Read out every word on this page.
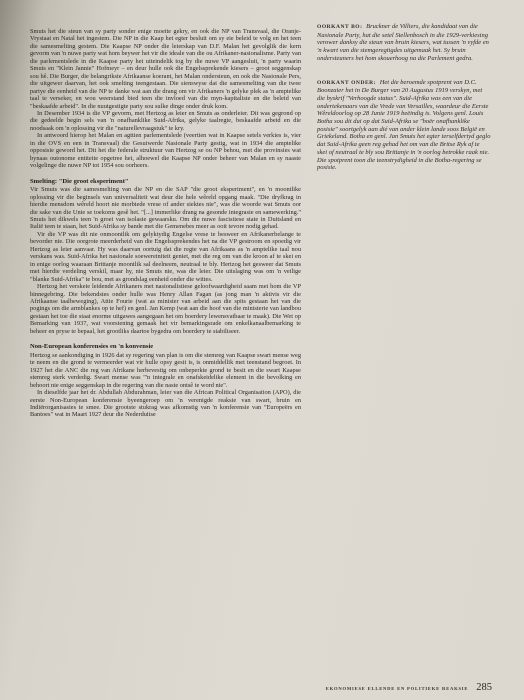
Smuts het die steun van sy party sonder enige moeite gekry, en ook die NP van Transvaal, die Oranje-Vrystaat en Natal het ingestem. Die NP in die Kaap het egter besluit om sy eie beleid te volg en het teen die samesmelting gestem. Die Kaapse NP onder die leierskap van D.F. Malan het gevolglik die kern gevorm van 'n nuwe party wat hom beywer het vir die ideale van die ou Afrikaner-nasionalisme. Party van die parlementslede in die Kaapse party het uiteindelik tog by die nuwe VP aangesluit, 'n party waarin Smuts en "Klein Jannie" Hofmeyr – en deur hulle ook die Engelssprekende kiesers – groot seggenskap sou hê. Die Burger, die belangrikste Afrikaanse koerant, het Malan ondersteun, en ook die Nasionale Pers, die uitgewer daarvan, het ook smelting teengestaan. Die sienswyse dat die samesmelting van die twee partye die eenheid van die NP te danke wat aan die drang om vir Afrikaners 'n gelyke plek as 'n amptelike taal te verseker, en wou weerstand bied teen die invloed van die myn-kapitaliste en die beleid van "beskaafde arbeid". In die nuutgestigte party sou sulke dinge onder druk kom.

In Desember 1934 is die VP gevorm, met Hertzog as leier en Smuts as onderleier. Dit was gegrond op die gedeelde begin sels van 'n onafhanklike Suid-Afrika, gelyke taalregte, beskaafde arbeid en die noodsaak om 'n oplossing vir die "naturellevraagstuk" te kry.

In antwoord hierop het Malan en agttien parlementslede (veertien wat in Kaapse setels verkies is, vier in die OVS en een in Transvaal) die Gesuiwerde Nasionale Party gestig, wat in 1934 die amptelike opposisie geword het. Dit het die federale struktuur van Hertzog se ou NP behou, met die provinsies wat bynaas outonome entiteite opgetree het, alhoewel die Kaapse NP onder beheer van Malan en sy naaste volgelinge die nuwe NP tot 1954 sou oorheers.

Smelting: "Die groot eksperiment"

Vir Smuts was die samesmelting van die NP en die SAP "die groot eksperiment", en 'n moontlike oplossing vir die beginsels van universaliteit wat deur die hele wêreld opgang maak. "Die dryfkrag in hierdie mensdom wêreld hoort nie morbiede vrese of ander siektes nie", was die woorde wat Smuts oor die sake van die Unie se toekoms gesê het. "[...] immerlike drang na gesonde integrasie en samewerking." Smuts het dikwels teen 'n groei van isolasie gewaarsku. Om die nuwe fascistiese state in Duitsland en Italië teen te staan, het Suid-Afrika sy bande met die Gemenebes meer as ooit tevore nodig gehad.

Vir die VP was dit nie onmoontlik om gelyktydig Engelse vrese te besweer en Afrikanerbelange te bevorder nie. Die oorgrote meerderheid van die Engelssprekendes het na die VP gestroom en spoedig vir Hertzog as leier aanvaar. Hy was daarvan oortuig dat die regte van Afrikaans as 'n amptelike taal nou verskans was. Suid-Afrika het nasionale soewereiniteit geniet, met die reg om van die kroon af te skei en in enige oorlog waaraan Brittanje moontlik sal deelneem, neutraal te bly. Hertzog het gesweer dat Smuts met hierdie verdeling verskil, maar hy, nie Smuts nie, was die leier. Die uitslaging was om 'n veilige "blanke Suid-Afrika" te bou, met as grondslag eenheid onder die wittes.

Hertzog het verskeie leidende Afrikaners met nasionalistiese geloofwaardigheid saam met hom die VP binnegebring. Die bekendstes onder hulle was Henry Allan Fagan (as jong man 'n aktivis vir die Afrikaanse taalbeweging), Attie Fourie (wat as minister van arbeid aan die spits gestaan het van die pogings om die armblankes op te hef) en genl. Jan Kemp (wat aan die hoof van die ministerie van landbou gestaan het toe die staat enorme uitgawes aangegaan het om boerdery lewensvatbaar te maak). Die Wet op Bemarking van 1937, wat voorsiening gemaak het vir bemarkingsrade om enkelkanaalbemarking te beheer en pryse te bepaal, het grootliks daartoe bygedra om boerdery te stabiliseer.

Non-European konferensies en 'n konvensie

Hertzog se aankondiging in 1926 dat sy regering van plan is om die stemreg van Kaapse swart mense weg te neem en die grond te vermeerder wat vir hulle opsy gesit is, is onmiddellik met teenstand begroet. In 1927 het die ANC die reg van Afrikane herbevestig om onbeperkte grond te besit en die swart Kaapse stemreg sterk verdedig. Swart mense was "'n integrale en onafskeidelike element in die bevolking en behoort nie enige seggenskap in die regering van die naste ontsê te word nie".

In dieselfde jaar het dr. Abdullah Abdurahman, leier van die African Political Organisation (APO), die eerste Non-European konferensie byeengeroep om 'n verenigde reaksie van swart, bruin en Indiërorganisasies te smee. Die grootste stukrag was afkomstig van 'n konferensie van "Europeërs en Bantoes" wat in Maart 1927 deur die Nederduitse

OORKANT BO: Bruckner de Villiers, die kandidaat van die Nasionale Party, hat die setel Stellenbosch in die 1929-verkiesing verower danksy die steun van bruin kiesers, wat tussen 'n vyfde en 'n kwart van die stemgeregtigdes uitgemaak het. Sy bruin ondersteuners het hom skouerhoog na die Parlement gedra.

OORKANT ONDER: Het die beroemde spotprent van D.C. Boonzaier het in De Burger van 20 Augustus 1919 verskyn, met die byskrif "Verhoogde status". Suid-Afrika was een van die ondertekenaars van die Vrede van Versailles, waardeur die Eerste Wêreldoorlog op 28 Junie 1919 beëindig is. Volgens genl. Louis Botha sou dit dui op dat Suid-Afrika se "hoër onafhanklike posisie" soortgelyk aan dié van ander klein lande soos België en Griekeland. Botha en genl. Jan Smuts het egter terselfdertyd geglo dat Suid-Afrika geen reg gehad het om van die Britse Ryk af te skei of neutraal te bly sou Brittanje in 'n oorlog betrokke raak nie. Die spotprent toon die teenstrydigheid in die Botha-regering se posisie.

EKONOMIESE ELLENDE EN POLITIEKE REAKSIE 285
